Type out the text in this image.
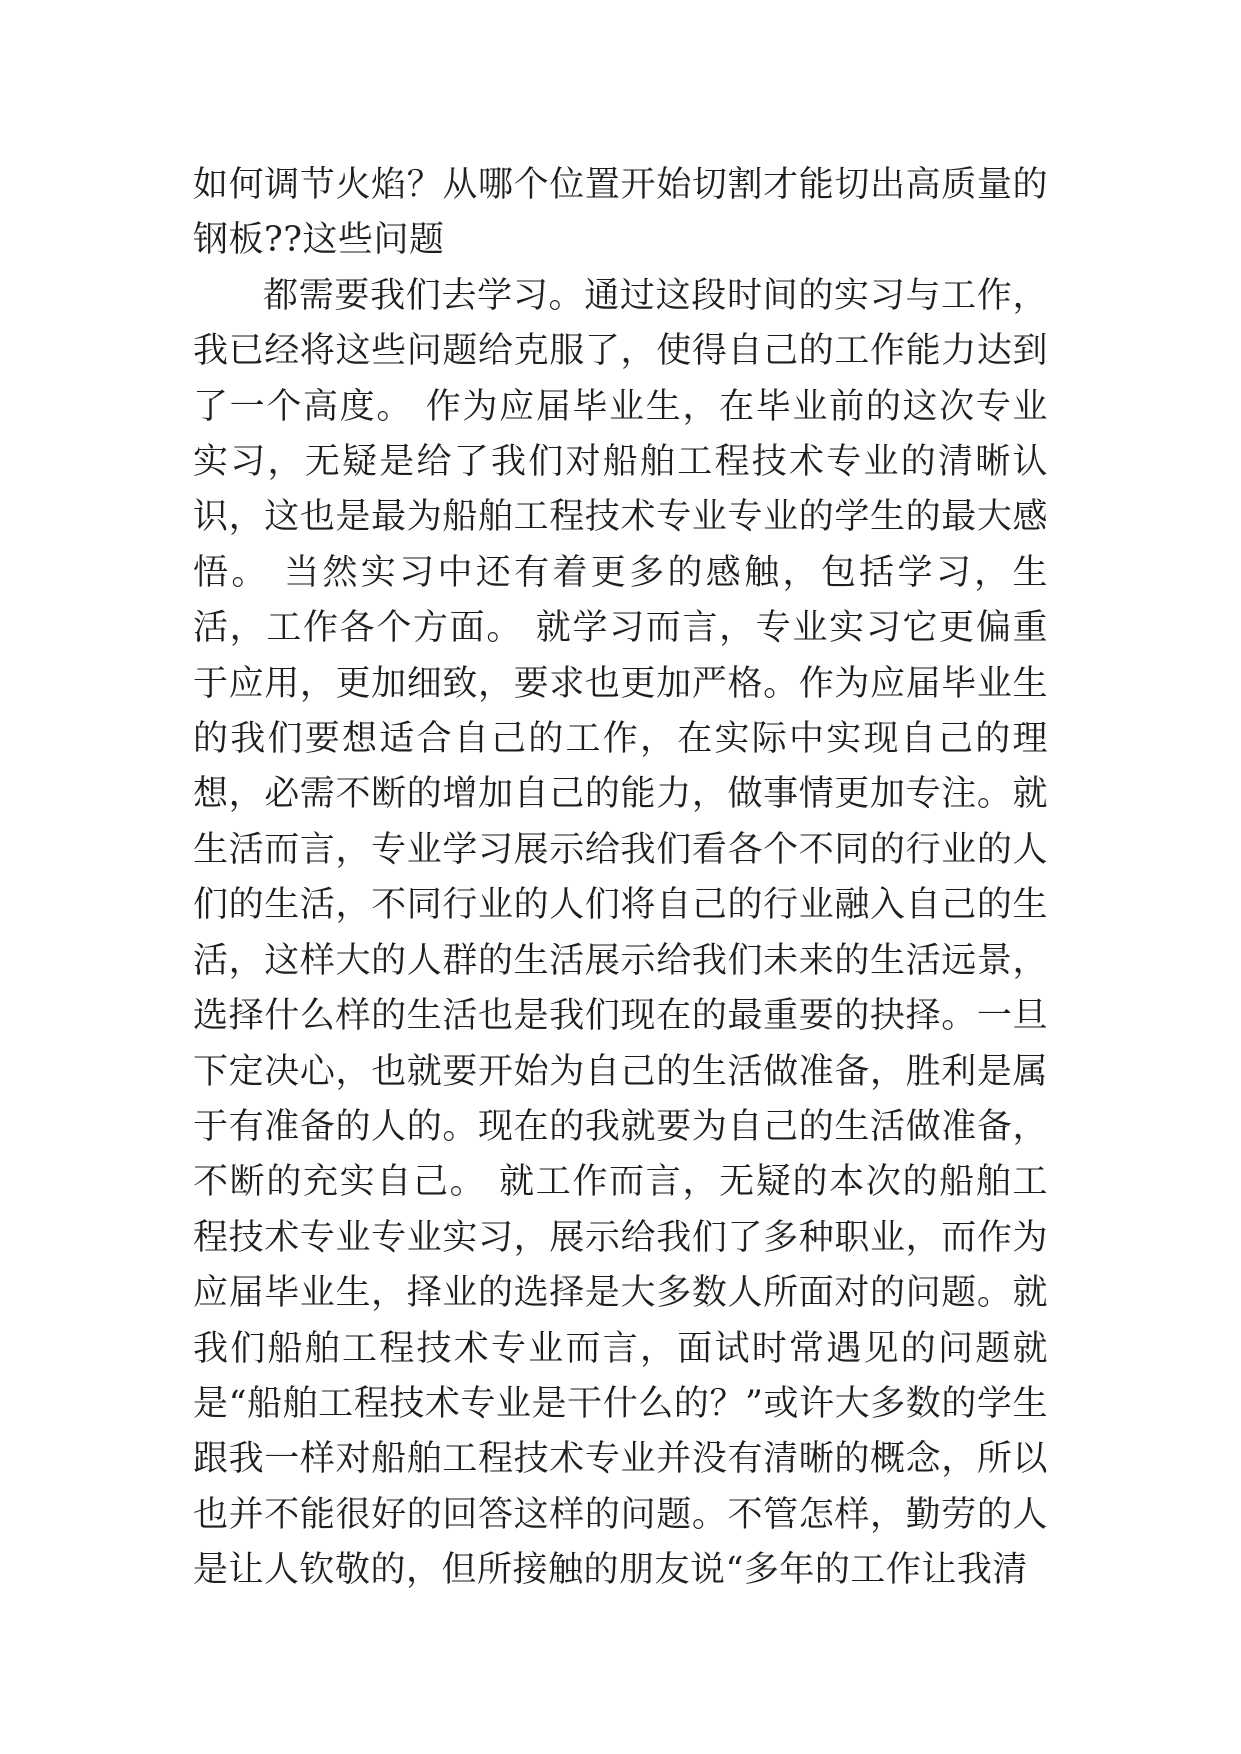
如何调节火焰？从哪个位置开始切割才能切出高质量的钢板??这些问题

都需要我们去学习。通过这段时间的实习与工作，我已经将这些问题给克服了，使得自己的工作能力达到了一个高度。 作为应届毕业生，在毕业前的这次专业实习，无疑是给了我们对船舶工程技术专业的清晰认识，这也是最为船舶工程技术专业专业的学生的最大感悟。 当然实习中还有着更多的感触，包括学习，生活，工作各个方面。 就学习而言，专业实习它更偏重于应用，更加细致，要求也更加严格。作为应届毕业生的我们要想适合自己的工作，在实际中实现自己的理想，必需不断的增加自己的能力，做事情更加专注。就生活而言，专业学习展示给我们看各个不同的行业的人们的生活，不同行业的人们将自己的行业融入自己的生活，这样大的人群的生活展示给我们未来的生活远景，选择什么样的生活也是我们现在的最重要的抉择。一旦下定决心，也就要开始为自己的生活做准备，胜利是属于有准备的人的。现在的我就要为自己的生活做准备，不断的充实自己。 就工作而言，无疑的本次的船舶工程技术专业专业实习，展示给我们了多种职业，而作为应届毕业生，择业的选择是大多数人所面对的问题。就我们船舶工程技术专业而言，面试时常遇见的问题就是“船舶工程技术专业是干什么的？”或许大多数的学生跟我一样对船舶工程技术专业并没有清晰的概念，所以也并不能很好的回答这样的问题。不管怎样，勤劳的人是让人钦敬的，但所接触的朋友说“多年的工作让我清
